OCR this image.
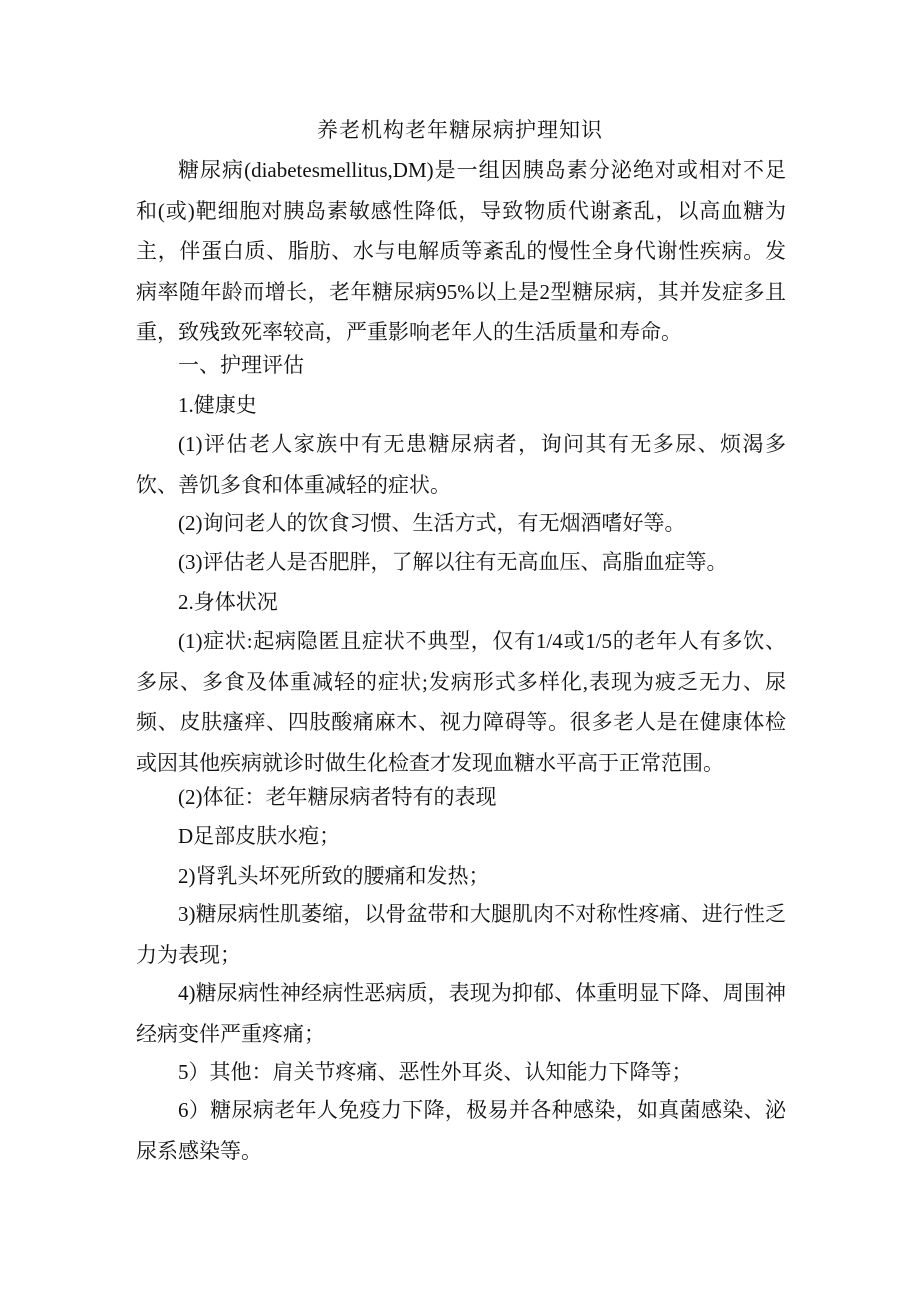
养老机构老年糖尿病护理知识

糖尿病(diabetesmellitus,DM)是一组因胰岛素分泌绝对或相对不足和(或)靶细胞对胰岛素敏感性降低，导致物质代谢紊乱，以高血糖为主，伴蛋白质、脂肪、水与电解质等紊乱的慢性全身代谢性疾病。发病率随年龄而增长，老年糖尿病95%以上是2型糖尿病，其并发症多且重，致残致死率较高，严重影响老年人的生活质量和寿命。

一、护理评估

1.健康史

(1)评估老人家族中有无患糖尿病者，询问其有无多尿、烦渴多饮、善饥多食和体重减轻的症状。

(2)询问老人的饮食习惯、生活方式，有无烟酒嗜好等。

(3)评估老人是否肥胖，了解以往有无高血压、高脂血症等。

2.身体状况

(1)症状:起病隐匿且症状不典型，仅有1/4或1/5的老年人有多饮、多尿、多食及体重减轻的症状;发病形式多样化,表现为疲乏无力、尿频、皮肤瘙痒、四肢酸痛麻木、视力障碍等。很多老人是在健康体检或因其他疾病就诊时做生化检查才发现血糖水平高于正常范围。

(2)体征：老年糖尿病者特有的表现

D足部皮肤水疱；

2)肾乳头坏死所致的腰痛和发热；

3)糖尿病性肌萎缩，以骨盆带和大腿肌肉不对称性疼痛、进行性乏力为表现；

4)糖尿病性神经病性恶病质，表现为抑郁、体重明显下降、周围神经病变伴严重疼痛；

5）其他：肩关节疼痛、恶性外耳炎、认知能力下降等；

6）糖尿病老年人免疫力下降，极易并各种感染，如真菌感染、泌尿系感染等。
